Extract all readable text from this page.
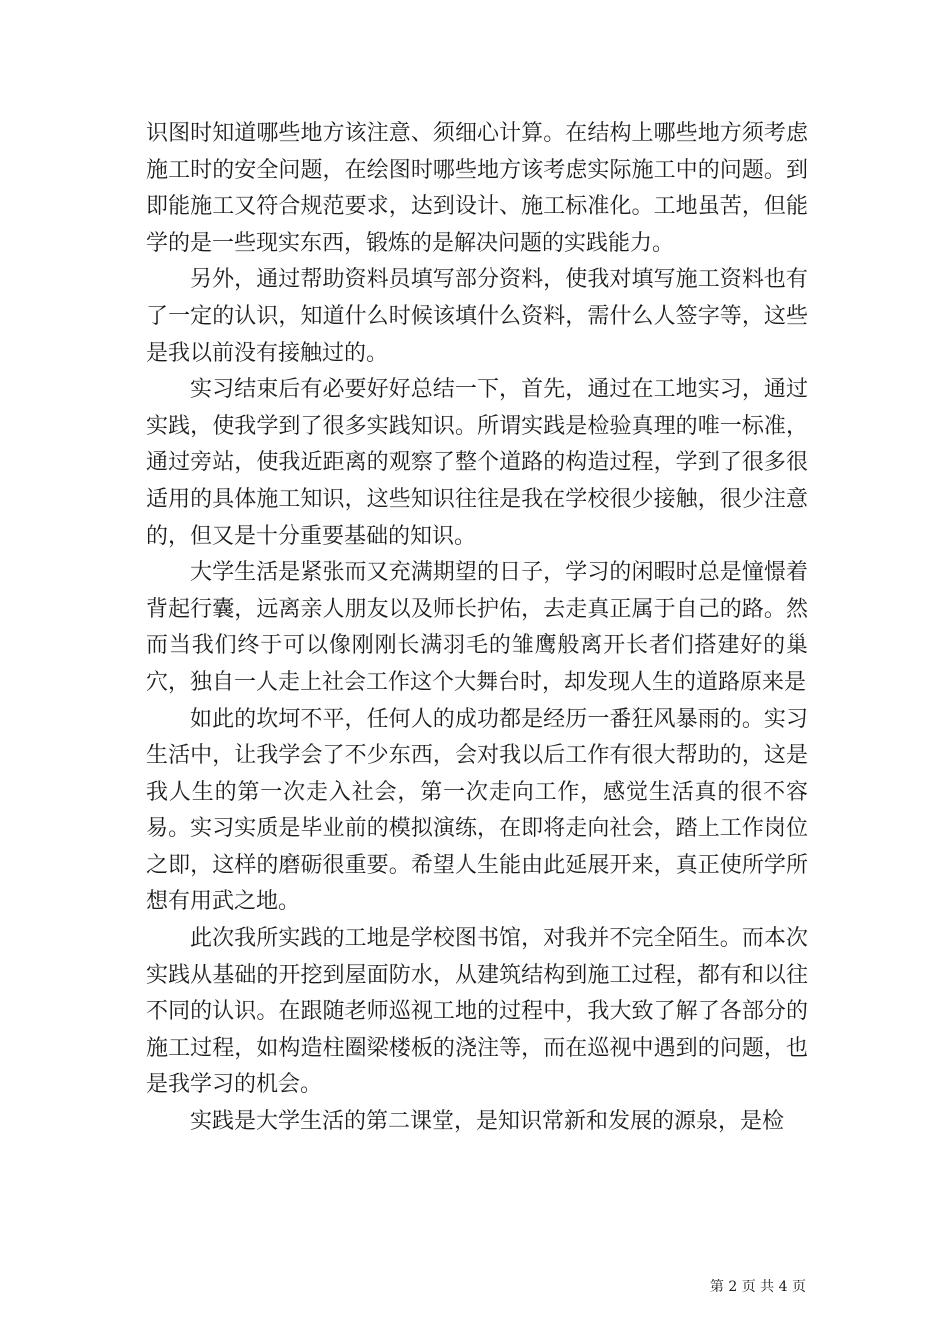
识图时知道哪些地方该注意、须细心计算。在结构上哪些地方须考虑施工时的安全问题，在绘图时哪些地方该考虑实际施工中的问题。到即能施工又符合规范要求，达到设计、施工标准化。工地虽苦，但能学的是一些现实东西，锻炼的是解决问题的实践能力。

另外，通过帮助资料员填写部分资料，使我对填写施工资料也有了一定的认识，知道什么时候该填什么资料，需什么人签字等，这些是我以前没有接触过的。

实习结束后有必要好好总结一下，首先，通过在工地实习，通过实践，使我学到了很多实践知识。所谓实践是检验真理的唯一标准，通过旁站，使我近距离的观察了整个道路的构造过程，学到了很多很适用的具体施工知识，这些知识往往是我在学校很少接触，很少注意的，但又是十分重要基础的知识。

大学生活是紧张而又充满期望的日子，学习的闲暇时总是憧憬着背起行囊，远离亲人朋友以及师长护佑，去走真正属于自己的路。然而当我们终于可以像刚刚长满羽毛的雏鹰般离开长者们搭建好的巢穴，独自一人走上社会工作这个大舞台时，却发现人生的道路原来是

如此的坎坷不平，任何人的成功都是经历一番狂风暴雨的。实习生活中，让我学会了不少东西，会对我以后工作有很大帮助的，这是我人生的第一次走入社会，第一次走向工作，感觉生活真的很不容易。实习实质是毕业前的模拟演练，在即将走向社会，踏上工作岗位之即，这样的磨砺很重要。希望人生能由此延展开来，真正使所学所想有用武之地。

此次我所实践的工地是学校图书馆，对我并不完全陌生。而本次实践从基础的开挖到屋面防水，从建筑结构到施工过程，都有和以往不同的认识。在跟随老师巡视工地的过程中，我大致了解了各部分的施工过程，如构造柱圈梁楼板的浇注等，而在巡视中遇到的问题，也是我学习的机会。

实践是大学生活的第二课堂，是知识常新和发展的源泉，是检

第 2 页 共 4 页
